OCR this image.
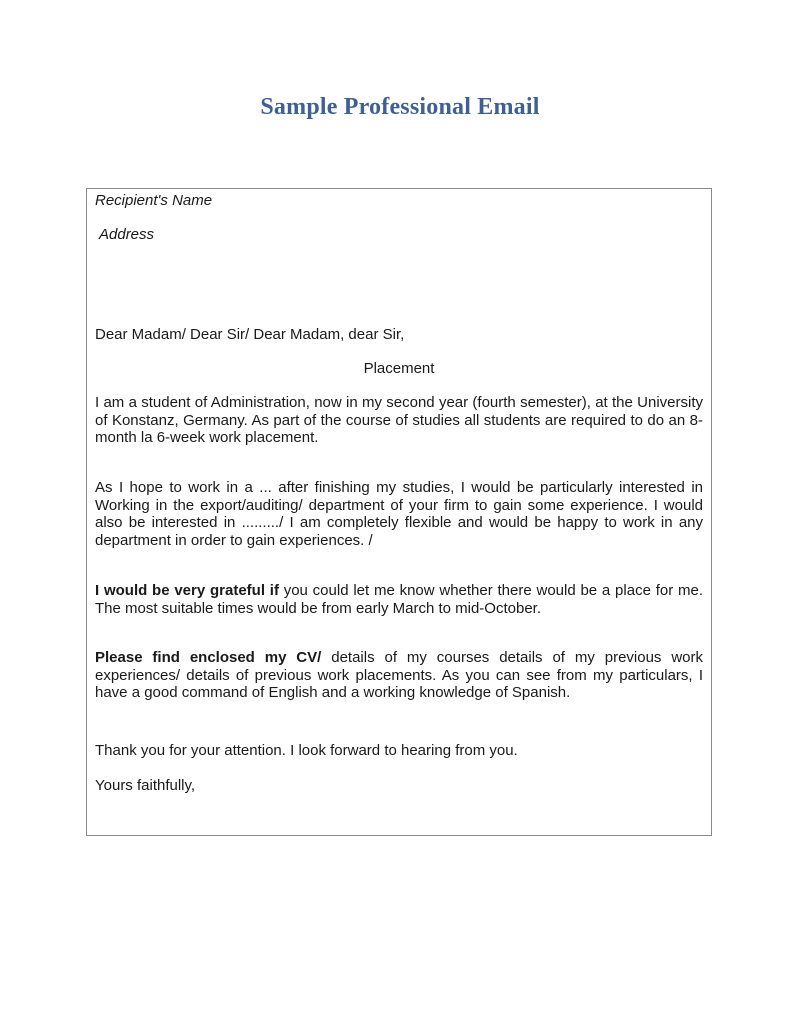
Sample Professional Email
Recipient's Name
Address
Dear Madam/ Dear Sir/ Dear Madam, dear Sir,
Placement
I am a student of Administration, now in my second year (fourth semester), at the University of Konstanz, Germany. As part of the course of studies all students are required to do an 8-month la 6-week work placement.
As I hope to work in a ... after finishing my studies, I would be particularly interested in Working in the export/auditing/ department of your firm to gain some experience. I would also be interested in ........./ I am completely flexible and would be happy to work in any department in order to gain experiences. /
I would be very grateful if you could let me know whether there would be a place for me. The most suitable times would be from early March to mid-October.
Please find enclosed my CV/ details of my courses details of my previous work experiences/ details of previous work placements. As you can see from my particulars, I have a good command of English and a working knowledge of Spanish.
Thank you for your attention. I look forward to hearing from you.
Yours faithfully,
